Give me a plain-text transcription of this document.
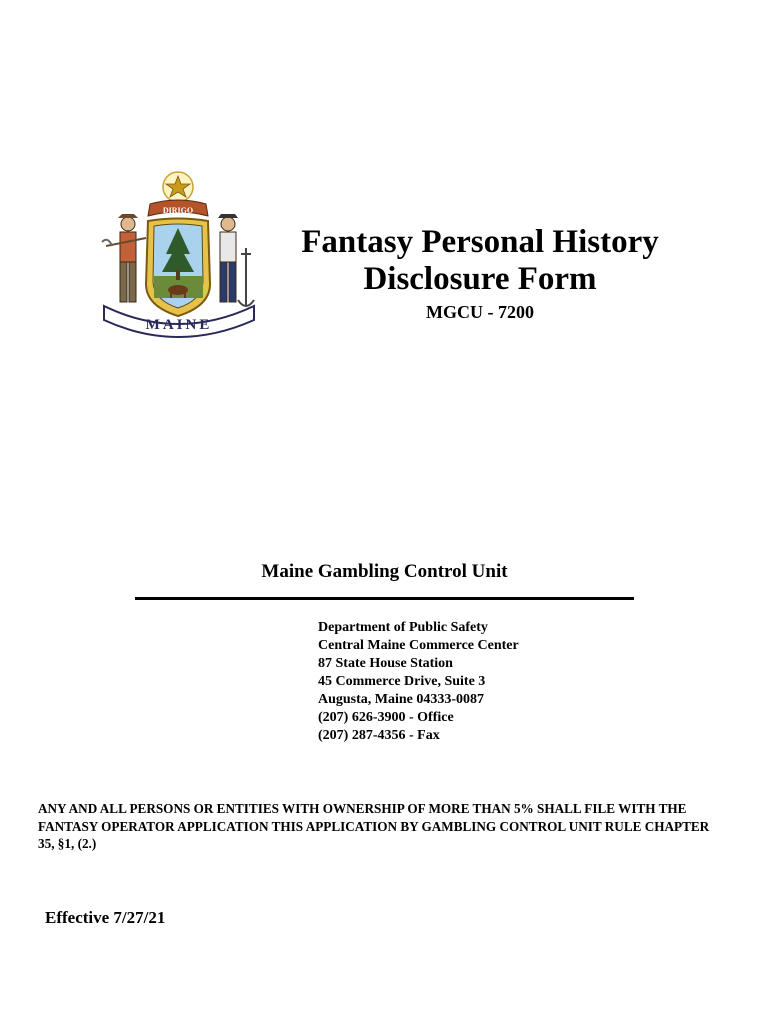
DIRIGO
MAINE
Fantasy Personal History
Disclosure Form
MGCU - 7200
Maine Gambling Control Unit
Department of Public Safety
Central Maine Commerce Center
87 State House Station
45 Commerce Drive, Suite 3
Augusta, Maine 04333-0087
(207) 626-3900 - Office
(207) 287-4356 - Fax
ANY AND ALL PERSONS OR ENTITIES WITH OWNERSHIP OF MORE THAN 5% SHALL FILE WITH THE FANTASY OPERATOR APPLICATION THIS APPLICATION BY GAMBLING CONTROL UNIT RULE CHAPTER 35, §1, (2.)
Effective 7/27/21
